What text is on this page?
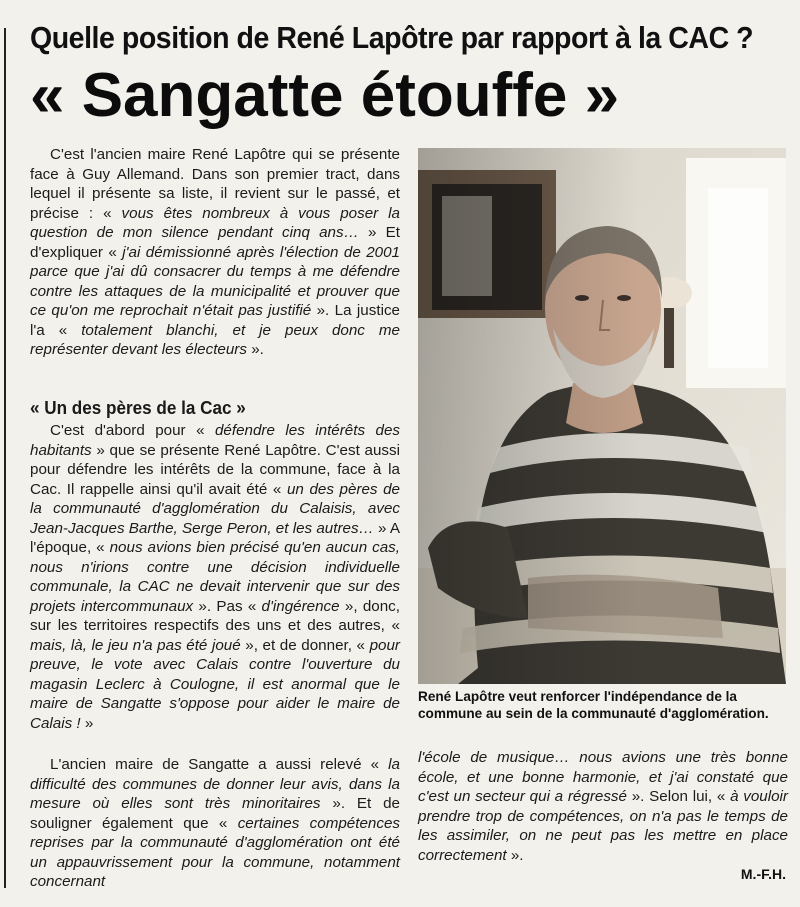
Quelle position de René Lapôtre par rapport à la CAC ?
« Sangatte étouffe »

C'est l'ancien maire René Lapôtre qui se présente face à Guy Allemand. Dans son premier tract, dans lequel il présente sa liste, il revient sur le passé, et précise : « vous êtes nombreux à vous poser la question de mon silence pendant cinq ans… » Et d'expliquer « j'ai démissionné après l'élection de 2001 parce que j'ai dû consacrer du temps à me défendre contre les attaques de la municipalité et prouver que ce qu'on me reprochait n'était pas justifié ». La justice l'a « totalement blanchi, et je peux donc me représenter devant les électeurs ».

« Un des pères de la Cac »

C'est d'abord pour « défendre les intérêts des habitants » que se présente René Lapôtre. C'est aussi pour défendre les intérêts de la commune, face à la Cac. Il rappelle ainsi qu'il avait été « un des pères de la communauté d'agglomération du Calaisis, avec Jean-Jacques Barthe, Serge Peron, et les autres… » A l'époque, « nous avions bien précisé qu'en aucun cas, nous n'irions contre une décision individuelle communale, la CAC ne devait intervenir que sur des projets intercommunaux ». Pas « d'ingérence », donc, sur les territoires respectifs des uns et des autres, « mais, là, le jeu n'a pas été joué », et de donner, « pour preuve, le vote avec Calais contre l'ouverture du magasin Leclerc à Coulogne, il est anormal que le maire de Sangatte s'oppose pour aider le maire de Calais ! »

L'ancien maire de Sangatte a aussi relevé « la difficulté des communes de donner leur avis, dans la mesure où elles sont très minoritaires ». Et de souligner également que « certaines compétences reprises par la communauté d'agglomération ont été un appauvrissement pour la commune, notamment concernant

René Lapôtre veut renforcer l'indépendance de la commune au sein de la communauté d'agglomération.

l'école de musique… nous avions une très bonne école, et une bonne harmonie, et j'ai constaté que c'est un secteur qui a régressé ». Selon lui, « à vouloir prendre trop de compétences, on n'a pas le temps de les assimiler, on ne peut pas les mettre en place correctement ».

M.-F.H.
